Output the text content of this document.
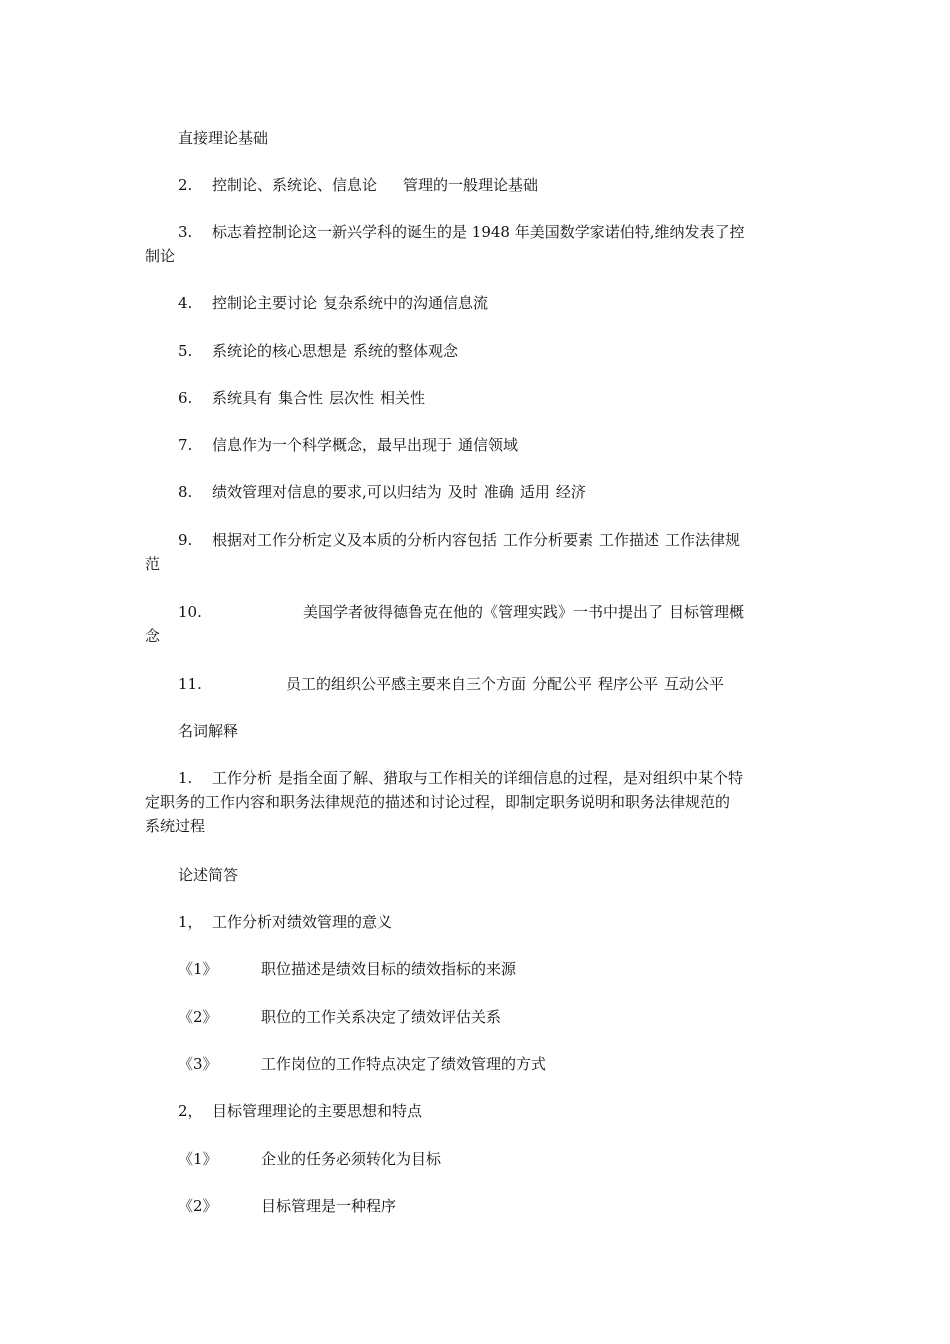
直接理论基础
2. 控制论、系统论、信息论 管理的一般理论基础
3. 标志着控制论这一新兴学科的诞生的是 1948 年美国数学家诺伯特,维纳发表了控
制论
4. 控制论主要讨论 复杂系统中的沟通信息流
5. 系统论的核心思想是 系统的整体观念
6. 系统具有 集合性 层次性 相关性
7. 信息作为一个科学概念，最早出现于 通信领域
8. 绩效管理对信息的要求,可以归结为 及时 准确 适用 经济
9. 根据对工作分析定义及本质的分析内容包括 工作分析要素 工作描述 工作法律规
范
10.	美国学者彼得德鲁克在他的《管理实践》一书中提出了 目标管理概
念
11.	员工的组织公平感主要来自三个方面 分配公平 程序公平 互动公平
名词解释
1. 工作分析 是指全面了解、猎取与工作相关的详细信息的过程，是对组织中某个特
定职务的工作内容和职务法律规范的描述和讨论过程，即制定职务说明和职务法律规范的
系统过程
论述简答
1， 工作分析对绩效管理的意义
《1》	职位描述是绩效目标的绩效指标的来源
《2》	职位的工作关系决定了绩效评估关系
《3》	工作岗位的工作特点决定了绩效管理的方式
2， 目标管理理论的主要思想和特点
《1》	企业的任务必须转化为目标
《2》	目标管理是一种程序
